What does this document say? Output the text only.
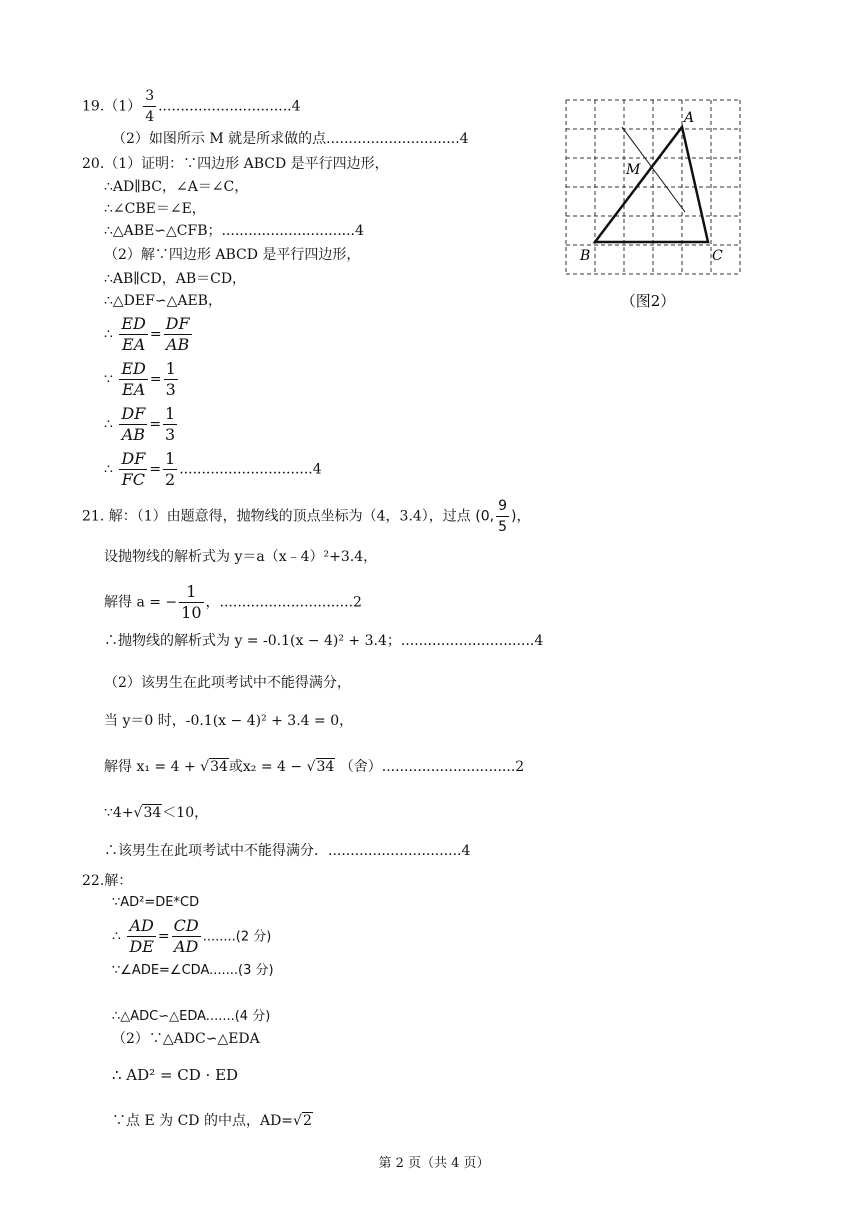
$19.(1) \frac{3}{4} ..............................4$
（2）如图所示 M 就是所求做的点..............................4
20.（1）证明：∵四边形 ABCD 是平行四边形，
∴AD∥BC，∠A＝∠C，
∴∠CBE＝∠E，
∴△ABE∽△CFB；..............................4
（2）解∵四边形 ABCD 是平行四边形，
∴AB∥CD，AB＝CD，
∴△DEF∽△AEB，
∴ $\frac{ED}{EA} = \frac{DF}{AB}$
∵ $\frac{ED}{EA} = \frac{1}{3}$
∴ $\frac{DF}{AB} = \frac{1}{3}$
∴ $\frac{DF}{FC} = \frac{1}{2} ..............................4$
21. 解：（1）由题意得，抛物线的顶点坐标为（4，3.4），过点 (0, $\frac{9}{5}$ )，
设抛物线的解析式为 y＝a（x﹣4）²+3.4，
解得 a = − $\frac{1}{10}$ ，..............................2
∴抛物线的解析式为 y = -0.1(x − 4)² + 3.4；..............................4
（2）该男生在此项考试中不能得满分，
当 y＝0 时，-0.1(x − 4)² + 3.4 = 0，
解得 x₁ = 4 + √34或x₂ = 4 − √34 （舍）..............................2
∵4+√34＜10，
∴该男生在此项考试中不能得满分．..............................4
22.解：
∵AD²=DE*CD
∴ $\frac{AD}{DE} = \frac{CD}{AD} ........(2$ 分)
∵∠ADE=∠CDA.......(3 分)
∴△ADC∽△EDA.......(4 分)
（2）∵△ADC∽△EDA
∴ AD² = CD · ED
∵点 E 为 CD 的中点，AD=√2
A
B	C
M
（图2）
第 2 页（共 4 页）
